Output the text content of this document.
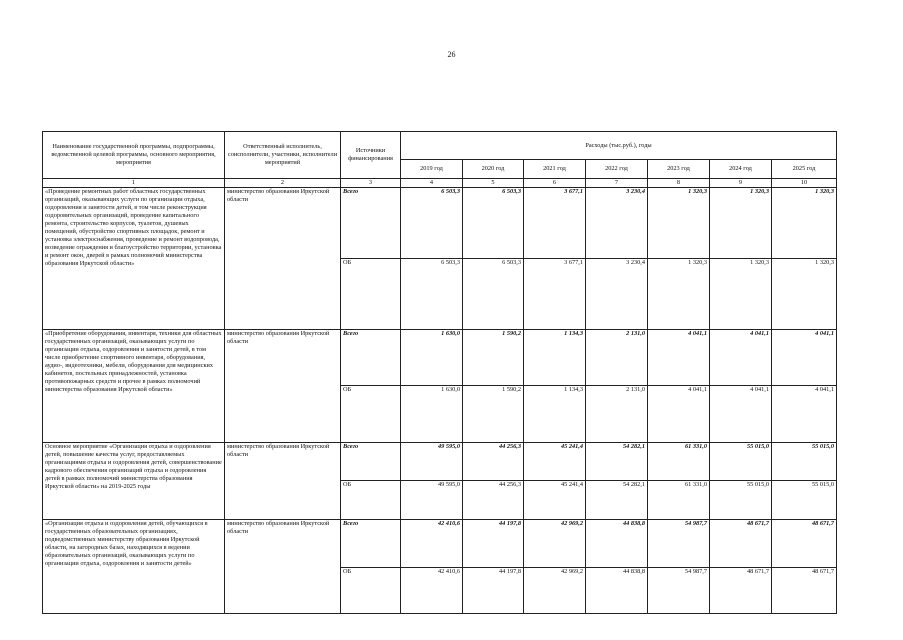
26
Наименование государственной программы, подпрограммы, ведомственной целевой программы, основного мероприятия, мероприятия	Ответственный исполнитель, соисполнители, участники, исполнители мероприятий	Источники финансирования	Расходы (тыс.руб.), годы						
			2019 год	2020 год	2021 год	2022 год	2023 год	2024 год	2025 год
1	2	3	4	5	6	7	8	9	10
«Проведение ремонтных работ областных государственных организаций, оказывающих услуги по организации отдыха, оздоровления и занятости детей, в том числе реконструкция оздоровительных организаций, проведение капитального ремонта, строительство корпусов, туалетов, душевых помещений, обустройство спортивных площадок, ремонт и установка электроснабжения, проведение и ремонт водопровода, возведение ограждения и благоустройство территории, установка и ремонт окон, дверей в рамках полномочий министерства образования Иркутской области»	министерство образования Иркутской области	Всего	6 503,3	6 503,3	3 677,1	3 230,4	1 320,3	1 320,3	1 320,3
		ОБ	6 503,3	6 503,3	3 677,1	3 230,4	1 320,3	1 320,3	1 320,3
«Приобретение оборудования, инвентаря, техники для областных государственных организаций, оказывающих услуги по организации отдыха, оздоровления и занятости детей, в том числе приобретение спортивного инвентаря, оборудования, аудио-, видеотехники, мебели, оборудования для медицинских кабинетов, постельных принадлежностей, установка противопожарных средств и прочее в рамках полномочий министерства образования Иркутской области»	министерство образования Иркутской области	Всего	1 630,0	1 590,2	1 134,3	2 131,0	4 041,1	4 041,1	4 041,1
		ОБ	1 630,0	1 590,2	1 134,3	2 131,0	4 041,1	4 041,1	4 041,1
Основное мероприятие «Организация отдыха и оздоровления детей, повышение качества услуг, предоставляемых организациями отдыха и оздоровления детей, совершенствование кадрового обеспечения организаций отдыха и оздоровления детей в рамках полномочий министерства образования Иркутской области» на 2019-2025 годы	министерство образования Иркутской области	Всего	49 595,0	44 256,3	45 241,4	54 282,1	61 331,0	55 015,0	55 015,0
		ОБ	49 595,0	44 256,3	45 241,4	54 282,1	61 331,0	55 015,0	55 015,0
«Организация отдыха и оздоровления детей, обучающихся в государственных образовательных организациях, подведомственных министерству образования Иркутской области, на загородных базах, находящихся в ведении образовательных организаций, оказывающих услуги по организации отдыха, оздоровления и занятости детей»	министерство образования Иркутской области	Всего	42 410,6	44 197,8	42 969,2	44 838,8	54 987,7	48 671,7	48 671,7
		ОБ	42 410,6	44 197,8	42 969,2	44 838,8	54 987,7	48 671,7	48 671,7
